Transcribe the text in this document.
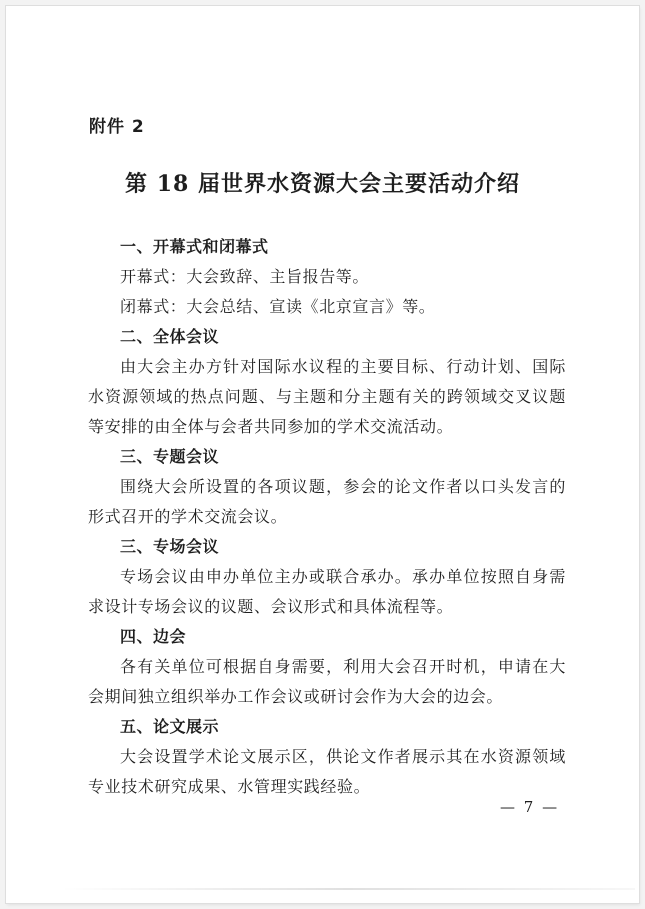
附件 2
第 18 届世界水资源大会主要活动介绍

一、开幕式和闭幕式

开幕式：大会致辞、主旨报告等。

闭幕式：大会总结、宣读《北京宣言》等。

二、全体会议

由大会主办方针对国际水议程的主要目标、行动计划、国际水资源领域的热点问题、与主题和分主题有关的跨领域交叉议题等安排的由全体与会者共同参加的学术交流活动。

三、专题会议

围绕大会所设置的各项议题，参会的论文作者以口头发言的形式召开的学术交流会议。

三、专场会议

专场会议由申办单位主办或联合承办。承办单位按照自身需求设计专场会议的议题、会议形式和具体流程等。

四、边会

各有关单位可根据自身需要，利用大会召开时机，申请在大会期间独立组织举办工作会议或研讨会作为大会的边会。

五、论文展示

大会设置学术论文展示区，供论文作者展示其在水资源领域专业技术研究成果、水管理实践经验。

— 7 —
